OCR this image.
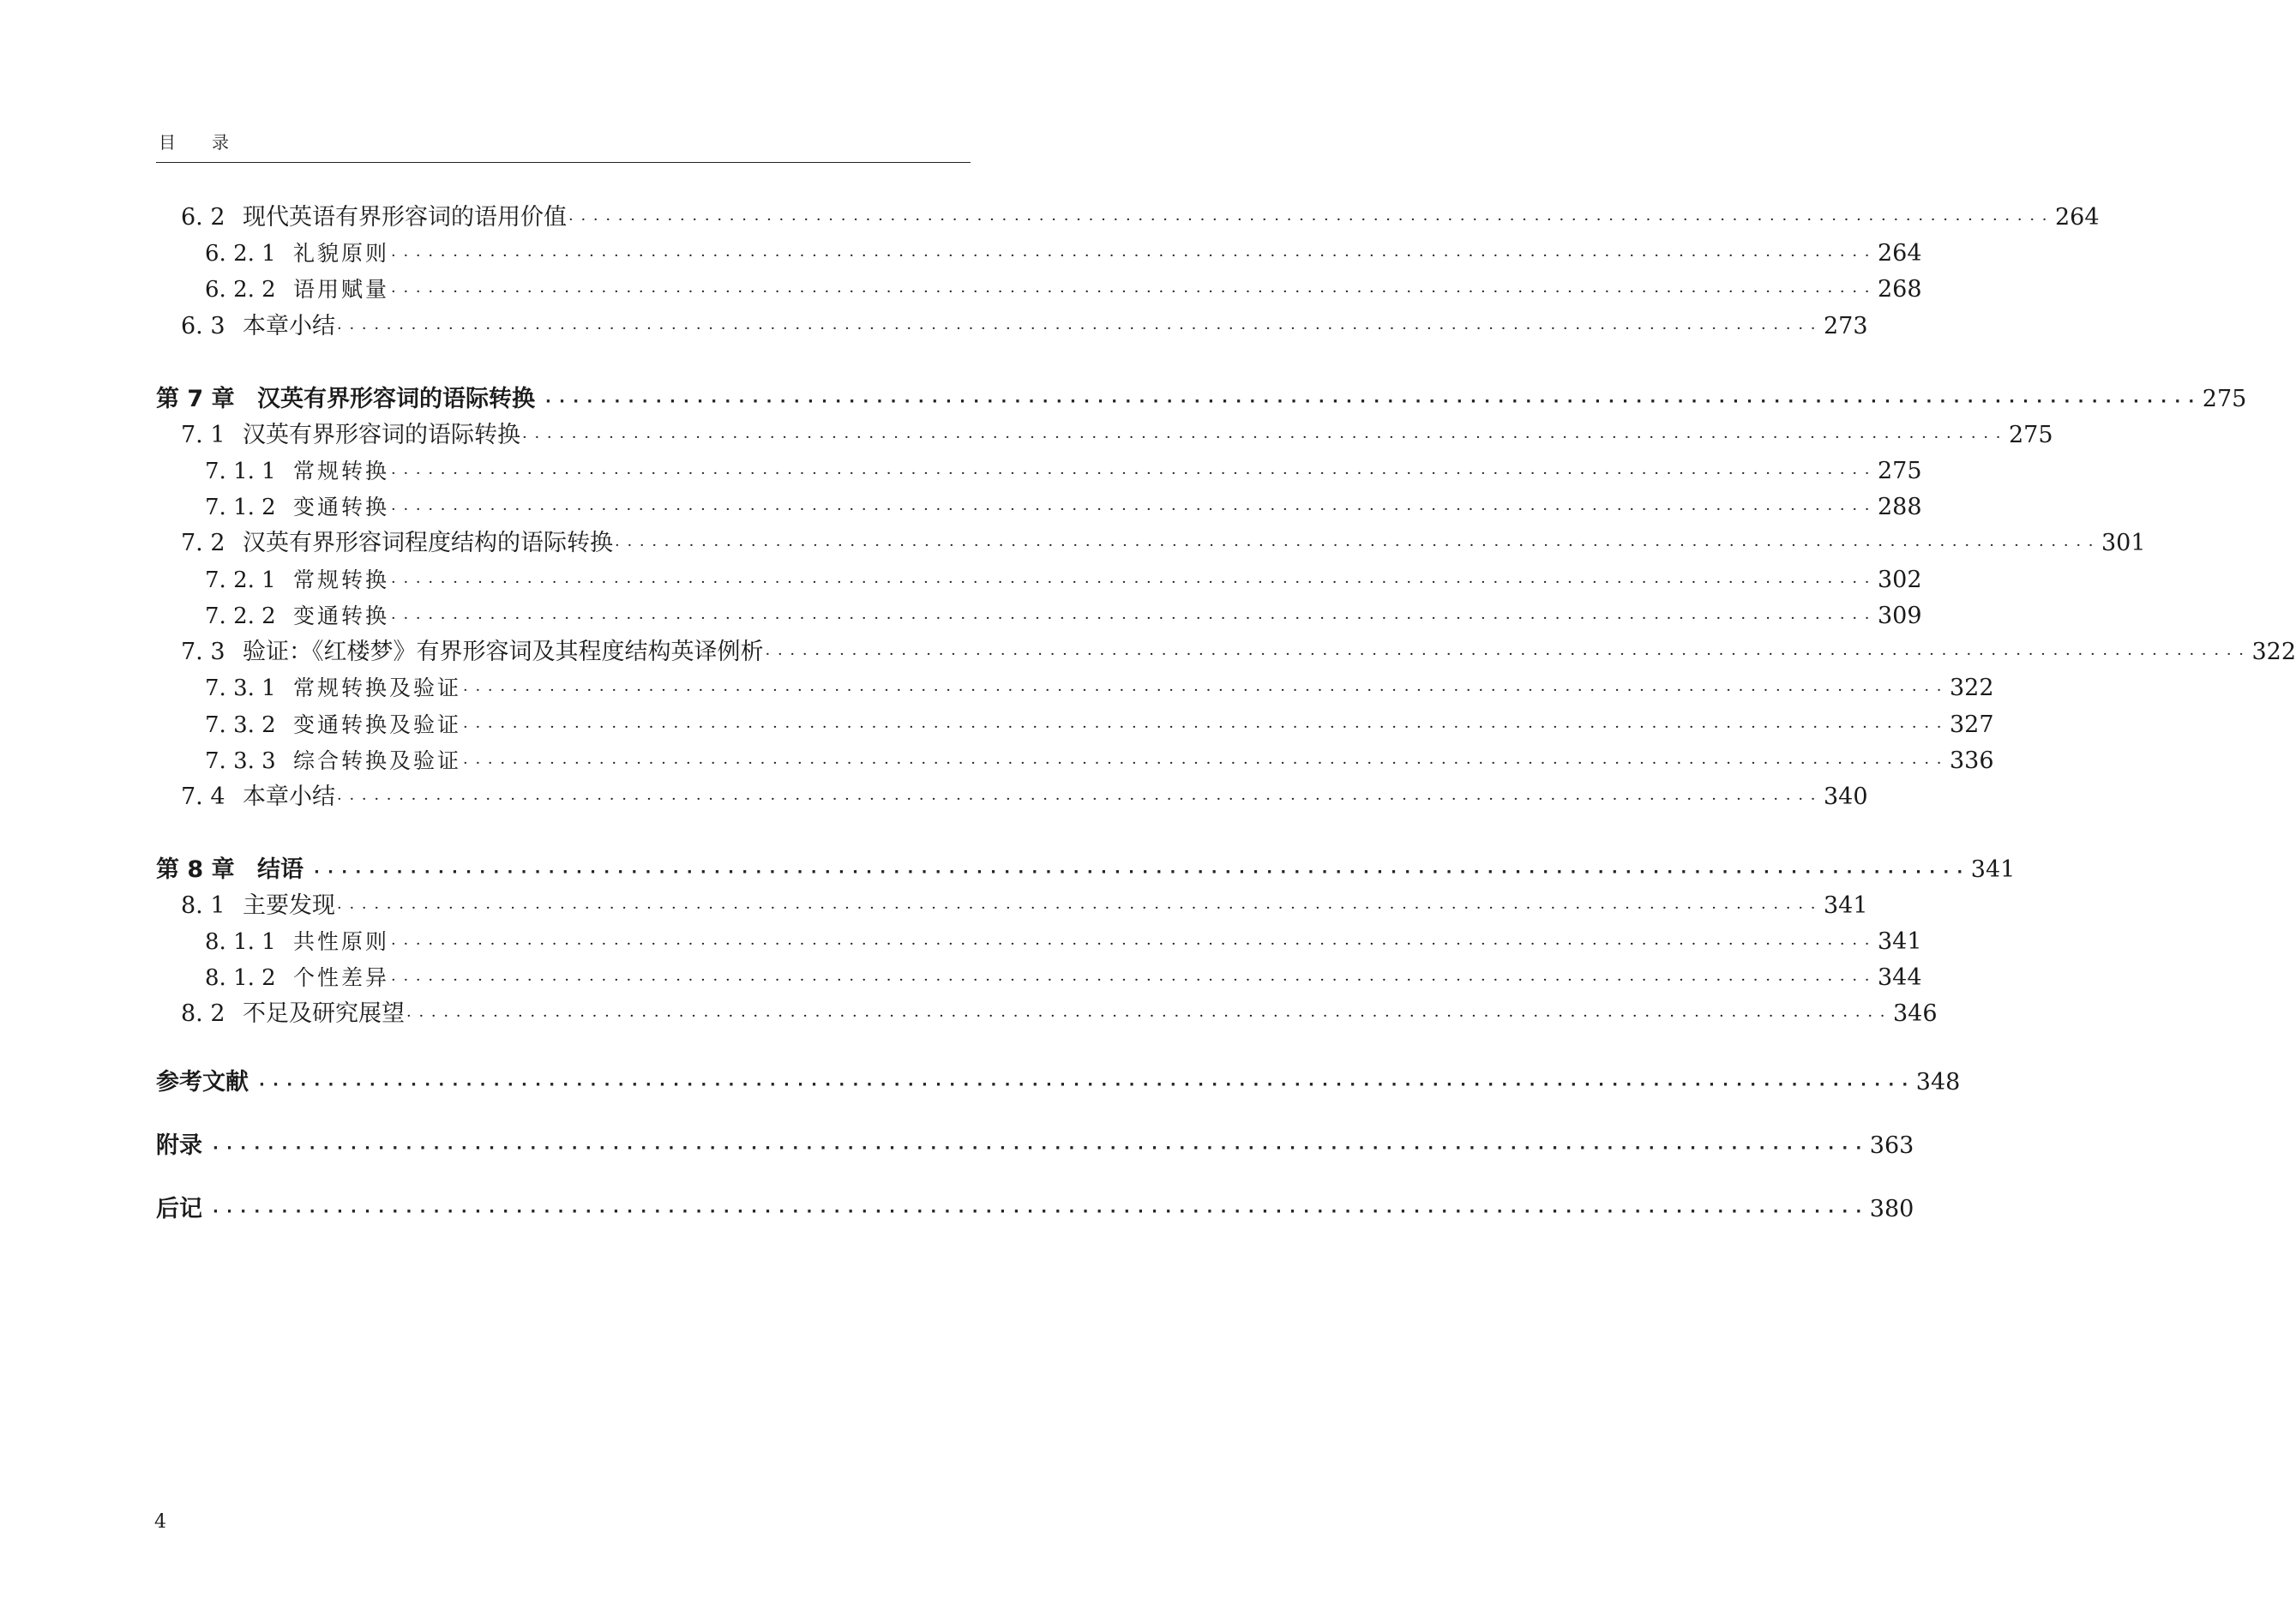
目录
6. 2 现代英语有界形容词的语用价值 · · · · · · · · · · · · · · · · · · · · · · · · · · · · · · · · · · · · · · · · · · · · · · · · · · · · · · · · · · · · · · · · · · · · · · · · · · · · · · · · · · · · · · · · · · · · · · · · · · · · · · · · · · · · · · · · · · · · · · · · 264
6. 2. 1 礼貌原则 · · · · · · · · · · · · · · · · · · · · · · · · · · · · · · · · · · · · · · · · · · · · · · · · · · · · · · · · · · · · · · · · · · · · · · · · · · · · · · · · · · · · · · · · · · · · · · · · · · · · · · · · · · · · · · · · · · · · · · · · 264
6. 2. 2 语用赋量 · · · · · · · · · · · · · · · · · · · · · · · · · · · · · · · · · · · · · · · · · · · · · · · · · · · · · · · · · · · · · · · · · · · · · · · · · · · · · · · · · · · · · · · · · · · · · · · · · · · · · · · · · · · · · · · · · · · · · · · · 268
6. 3 本章小结 · · · · · · · · · · · · · · · · · · · · · · · · · · · · · · · · · · · · · · · · · · · · · · · · · · · · · · · · · · · · · · · · · · · · · · · · · · · · · · · · · · · · · · · · · · · · · · · · · · · · · · · · · · · · · · · · · · · · · · · · 273
第 7 章 汉英有界形容词的语际转换 · · · · · · · · · · · · · · · · · · · · · · · · · · · · · · · · · · · · · · · · · · · · · · · · · · · · · · · · · · · · · · · · · · · · · · · · · · · · · · · · · · · · · · · · · · · · · · · · · · · · · · · · · · · · · · · · · · · · · · · · 275
7. 1 汉英有界形容词的语际转换 · · · · · · · · · · · · · · · · · · · · · · · · · · · · · · · · · · · · · · · · · · · · · · · · · · · · · · · · · · · · · · · · · · · · · · · · · · · · · · · · · · · · · · · · · · · · · · · · · · · · · · · · · · · · · · · · · · · · · · · · 275
7. 1. 1 常规转换 · · · · · · · · · · · · · · · · · · · · · · · · · · · · · · · · · · · · · · · · · · · · · · · · · · · · · · · · · · · · · · · · · · · · · · · · · · · · · · · · · · · · · · · · · · · · · · · · · · · · · · · · · · · · · · · · · · · · · · · · 275
7. 1. 2 变通转换 · · · · · · · · · · · · · · · · · · · · · · · · · · · · · · · · · · · · · · · · · · · · · · · · · · · · · · · · · · · · · · · · · · · · · · · · · · · · · · · · · · · · · · · · · · · · · · · · · · · · · · · · · · · · · · · · · · · · · · · · 288
7. 2 汉英有界形容词程度结构的语际转换 · · · · · · · · · · · · · · · · · · · · · · · · · · · · · · · · · · · · · · · · · · · · · · · · · · · · · · · · · · · · · · · · · · · · · · · · · · · · · · · · · · · · · · · · · · · · · · · · · · · · · · · · · · · · · · · · · · · · · · · · 301
7. 2. 1 常规转换 · · · · · · · · · · · · · · · · · · · · · · · · · · · · · · · · · · · · · · · · · · · · · · · · · · · · · · · · · · · · · · · · · · · · · · · · · · · · · · · · · · · · · · · · · · · · · · · · · · · · · · · · · · · · · · · · · · · · · · · · 302
7. 2. 2 变通转换 · · · · · · · · · · · · · · · · · · · · · · · · · · · · · · · · · · · · · · · · · · · · · · · · · · · · · · · · · · · · · · · · · · · · · · · · · · · · · · · · · · · · · · · · · · · · · · · · · · · · · · · · · · · · · · · · · · · · · · · · 309
7. 3 验证：《红楼梦》有界形容词及其程度结构英译例析 · · · · · · · · · · · · · · · · · · · · · · · · · · · · · · · · · · · · · · · · · · · · · · · · · · · · · · · · · · · · · · · · · · · · · · · · · · · · · · · · · · · · · · · · · · · · · · · · · · · · · · · · · · · · · · · · · · · · · · · · 322
7. 3. 1 常规转换及验证 · · · · · · · · · · · · · · · · · · · · · · · · · · · · · · · · · · · · · · · · · · · · · · · · · · · · · · · · · · · · · · · · · · · · · · · · · · · · · · · · · · · · · · · · · · · · · · · · · · · · · · · · · · · · · · · · · · · · · · · · 322
7. 3. 2 变通转换及验证 · · · · · · · · · · · · · · · · · · · · · · · · · · · · · · · · · · · · · · · · · · · · · · · · · · · · · · · · · · · · · · · · · · · · · · · · · · · · · · · · · · · · · · · · · · · · · · · · · · · · · · · · · · · · · · · · · · · · · · · · 327
7. 3. 3 综合转换及验证 · · · · · · · · · · · · · · · · · · · · · · · · · · · · · · · · · · · · · · · · · · · · · · · · · · · · · · · · · · · · · · · · · · · · · · · · · · · · · · · · · · · · · · · · · · · · · · · · · · · · · · · · · · · · · · · · · · · · · · · · 336
7. 4 本章小结 · · · · · · · · · · · · · · · · · · · · · · · · · · · · · · · · · · · · · · · · · · · · · · · · · · · · · · · · · · · · · · · · · · · · · · · · · · · · · · · · · · · · · · · · · · · · · · · · · · · · · · · · · · · · · · · · · · · · · · · · 340
第 8 章 结语 · · · · · · · · · · · · · · · · · · · · · · · · · · · · · · · · · · · · · · · · · · · · · · · · · · · · · · · · · · · · · · · · · · · · · · · · · · · · · · · · · · · · · · · · · · · · · · · · · · · · · · · · · · · · · · · · · · · · · · · · 341
8. 1 主要发现 · · · · · · · · · · · · · · · · · · · · · · · · · · · · · · · · · · · · · · · · · · · · · · · · · · · · · · · · · · · · · · · · · · · · · · · · · · · · · · · · · · · · · · · · · · · · · · · · · · · · · · · · · · · · · · · · · · · · · · · · 341
8. 1. 1 共性原则 · · · · · · · · · · · · · · · · · · · · · · · · · · · · · · · · · · · · · · · · · · · · · · · · · · · · · · · · · · · · · · · · · · · · · · · · · · · · · · · · · · · · · · · · · · · · · · · · · · · · · · · · · · · · · · · · · · · · · · · · 341
8. 1. 2 个性差异 · · · · · · · · · · · · · · · · · · · · · · · · · · · · · · · · · · · · · · · · · · · · · · · · · · · · · · · · · · · · · · · · · · · · · · · · · · · · · · · · · · · · · · · · · · · · · · · · · · · · · · · · · · · · · · · · · · · · · · · · 344
8. 2 不足及研究展望 · · · · · · · · · · · · · · · · · · · · · · · · · · · · · · · · · · · · · · · · · · · · · · · · · · · · · · · · · · · · · · · · · · · · · · · · · · · · · · · · · · · · · · · · · · · · · · · · · · · · · · · · · · · · · · · · · · · · · · · · 346
参考文献 · · · · · · · · · · · · · · · · · · · · · · · · · · · · · · · · · · · · · · · · · · · · · · · · · · · · · · · · · · · · · · · · · · · · · · · · · · · · · · · · · · · · · · · · · · · · · · · · · · · · · · · · · · · · · · · · · · · · · · · · 348
附录 · · · · · · · · · · · · · · · · · · · · · · · · · · · · · · · · · · · · · · · · · · · · · · · · · · · · · · · · · · · · · · · · · · · · · · · · · · · · · · · · · · · · · · · · · · · · · · · · · · · · · · · · · · · · · · · · · · · · · · · · 363
后记 · · · · · · · · · · · · · · · · · · · · · · · · · · · · · · · · · · · · · · · · · · · · · · · · · · · · · · · · · · · · · · · · · · · · · · · · · · · · · · · · · · · · · · · · · · · · · · · · · · · · · · · · · · · · · · · · · · · · · · · · 380
4
